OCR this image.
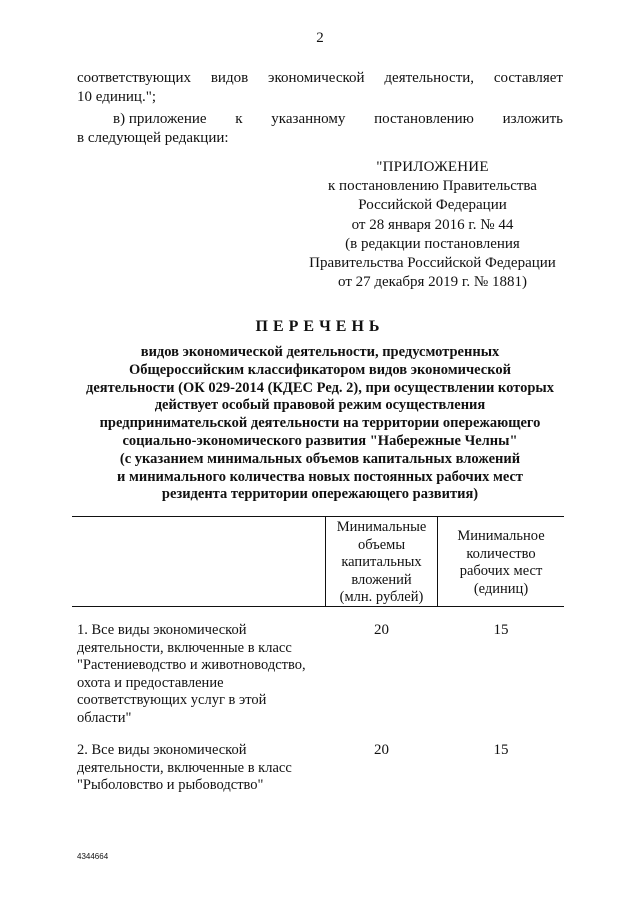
2
соответствующих видов экономической деятельности, составляет
10 единиц.";
в) приложение к указанному постановлению изложить
в следующей редакции:
"ПРИЛОЖЕНИЕ
к постановлению Правительства
Российской Федерации
от 28 января 2016 г. № 44
(в редакции постановления
Правительства Российской Федерации
от 27 декабря 2019 г. № 1881)
ПЕРЕЧЕНЬ
видов экономической деятельности, предусмотренных
Общероссийским классификатором видов экономической
деятельности (ОК 029-2014 (КДЕС Ред. 2), при осуществлении которых
действует особый правовой режим осуществления
предпринимательской деятельности на территории опережающего
социально-экономического развития "Набережные Челны"
(с указанием минимальных объемов капитальных вложений
и минимального количества новых постоянных рабочих мест
резидента территории опережающего развития)
Минимальные
объемы
капитальных
вложений
(млн. рублей)
Минимальное
количество
рабочих мест
(единиц)
1. Все виды экономической
деятельности, включенные в класс
"Растениеводство и животноводство,
охота и предоставление
соответствующих услуг в этой
области"
20	15
2. Все виды экономической
деятельности, включенные в класс
"Рыболовство и рыбоводство"
20	15
4344664
